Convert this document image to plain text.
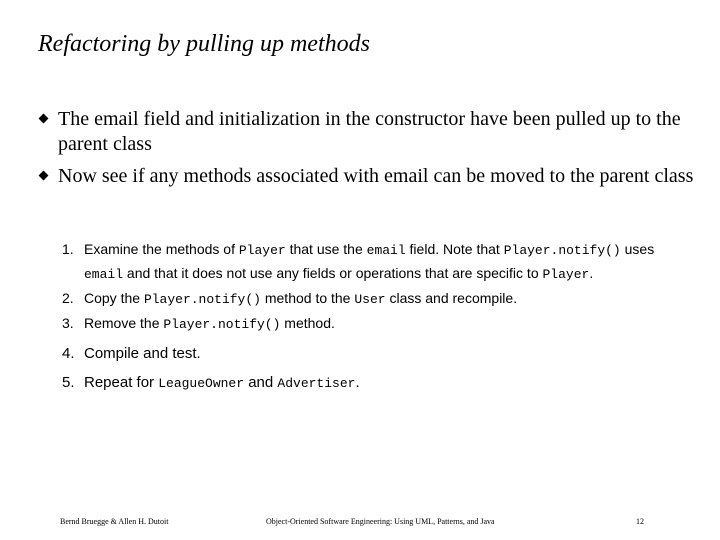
Refactoring by pulling up methods
The email field and initialization in the constructor have been pulled up to the parent class
Now see if any methods associated with email can be moved to the parent class
1. Examine the methods of Player that use the email field. Note that Player.notify() uses email and that it does not use any fields or operations that are specific to Player.
2. Copy the Player.notify() method to the User class and recompile.
3. Remove the Player.notify() method.
4. Compile and test.
5. Repeat for LeagueOwner and Advertiser.
Bernd Bruegge & Allen H. Dutoit	Object-Oriented Software Engineering: Using UML, Patterns, and Java	12
